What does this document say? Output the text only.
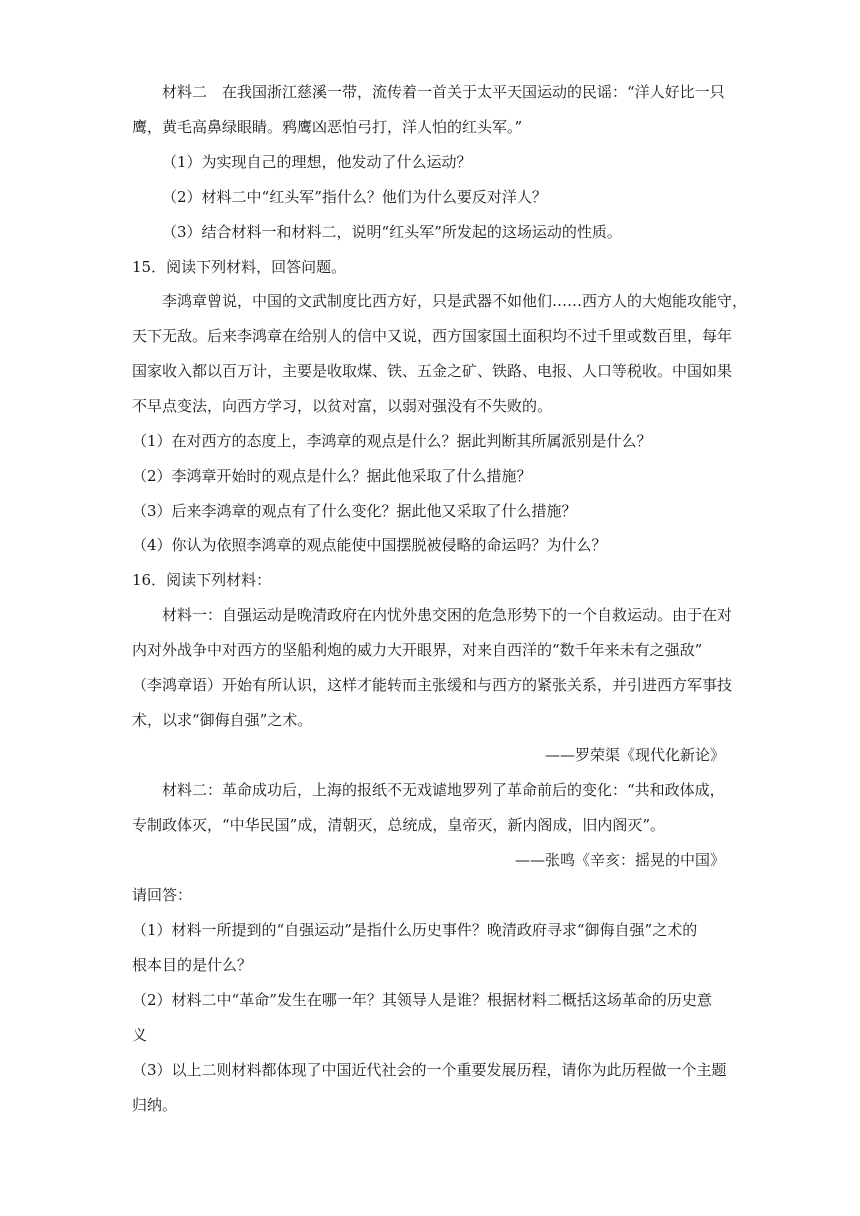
材料二　在我国浙江慈溪一带，流传着一首关于太平天国运动的民谣：“洋人好比一只
鹰，黄毛高鼻绿眼睛。鸦鹰凶恶怕弓打，洋人怕的红头军。”
（1）为实现自己的理想，他发动了什么运动？
（2）材料二中“红头军”指什么？他们为什么要反对洋人？
（3）结合材料一和材料二，说明“红头军”所发起的这场运动的性质。
15．阅读下列材料，回答问题。
李鸿章曾说，中国的文武制度比西方好，只是武器不如他们……西方人的大炮能攻能守，
天下无敌。后来李鸿章在给别人的信中又说，西方国家国土面积均不过千里或数百里，每年
国家收入都以百万计，主要是收取煤、铁、五金之矿、铁路、电报、人口等税收。中国如果
不早点变法，向西方学习，以贫对富，以弱对强没有不失败的。
（1）在对西方的态度上，李鸿章的观点是什么？据此判断其所属派别是什么？
（2）李鸿章开始时的观点是什么？据此他采取了什么措施？
（3）后来李鸿章的观点有了什么变化？据此他又采取了什么措施？
（4）你认为依照李鸿章的观点能使中国摆脱被侵略的命运吗？为什么？
16．阅读下列材料：
材料一：自强运动是晚清政府在内忧外患交困的危急形势下的一个自救运动。由于在对
内对外战争中对西方的坚船利炮的威力大开眼界，对来自西洋的“数千年来未有之强敌”
（李鸿章语）开始有所认识，这样才能转而主张缓和与西方的紧张关系，并引进西方军事技
术，以求“御侮自强”之术。
——罗荣渠《现代化新论》
材料二：革命成功后，上海的报纸不无戏谑地罗列了革命前后的变化：“共和政体成，
专制政体灭，“中华民国”成，清朝灭，总统成，皇帝灭，新内阁成，旧内阁灭”。
——张鸣《辛亥：摇晃的中国》
请回答：
（1）材料一所提到的“自强运动”是指什么历史事件？晚清政府寻求“御侮自强”之术的
根本目的是什么？
（2）材料二中“革命”发生在哪一年？其领导人是谁？根据材料二概括这场革命的历史意
义
（3）以上二则材料都体现了中国近代社会的一个重要发展历程，请你为此历程做一个主题
归纳。
